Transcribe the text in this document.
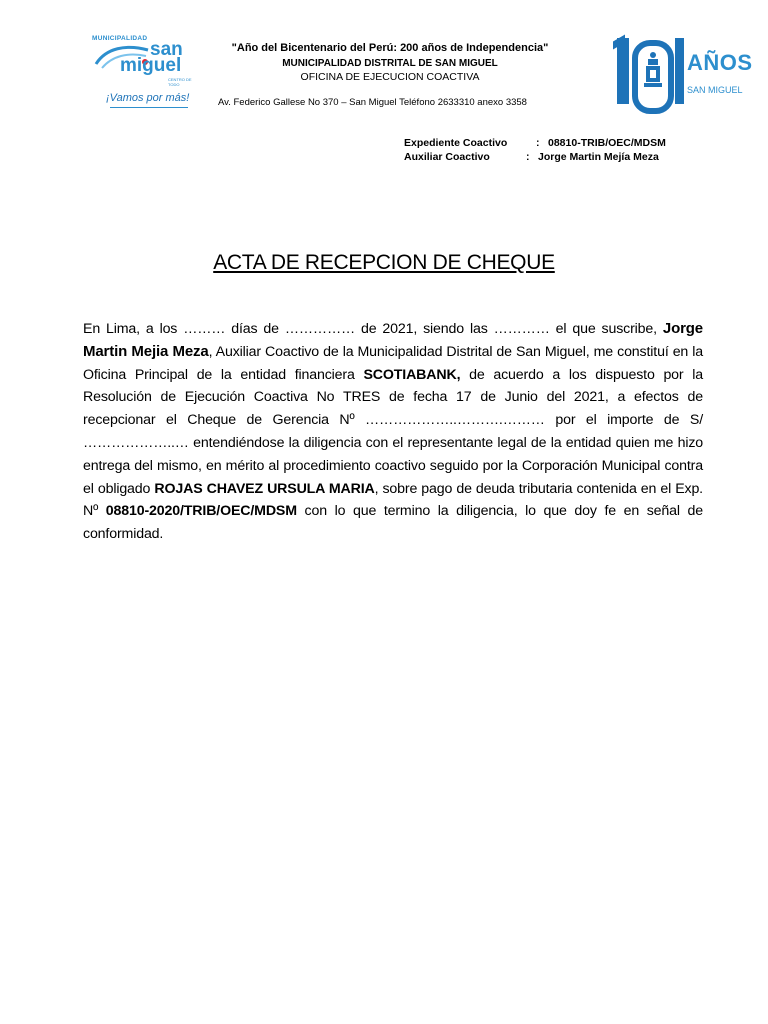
MUNICIPALIDAD
san
miguel
CENTRO DE TODO
¡Vamos por más!
"Año del Bicentenario del Perú: 200 años de Independencia"
MUNICIPALIDAD DISTRITAL DE SAN MIGUEL
OFICINA DE EJECUCION COACTIVA
Av. Federico Gallese No 370 – San Miguel Teléfono 2633310 anexo 3358
AÑOS
SAN MIGUEL
Expediente Coactivo	: 08810-TRIB/OEC/MDSM
Auxiliar Coactivo	: Jorge Martin Mejía Meza
ACTA DE RECEPCION DE CHEQUE
En Lima, a los ……… días de …………… de 2021, siendo las ………… el que suscribe, Jorge Martin Mejia Meza, Auxiliar Coactivo de la Municipalidad Distrital de San Miguel, me constituí en la Oficina Principal de la entidad financiera SCOTIABANK, de acuerdo a los dispuesto por la Resolución de Ejecución Coactiva No TRES de fecha 17 de Junio del 2021, a efectos de recepcionar el Cheque de Gerencia Nº ………………..……….……… por el importe de S/ ………………..… entendiéndose la diligencia con el representante legal de la entidad quien me hizo entrega del mismo, en mérito al procedimiento coactivo seguido por la Corporación Municipal contra el obligado ROJAS CHAVEZ URSULA MARIA, sobre pago de deuda tributaria contenida en el Exp. Nº 08810-2020/TRIB/OEC/MDSM con lo que termino la diligencia, lo que doy fe en señal de conformidad.
